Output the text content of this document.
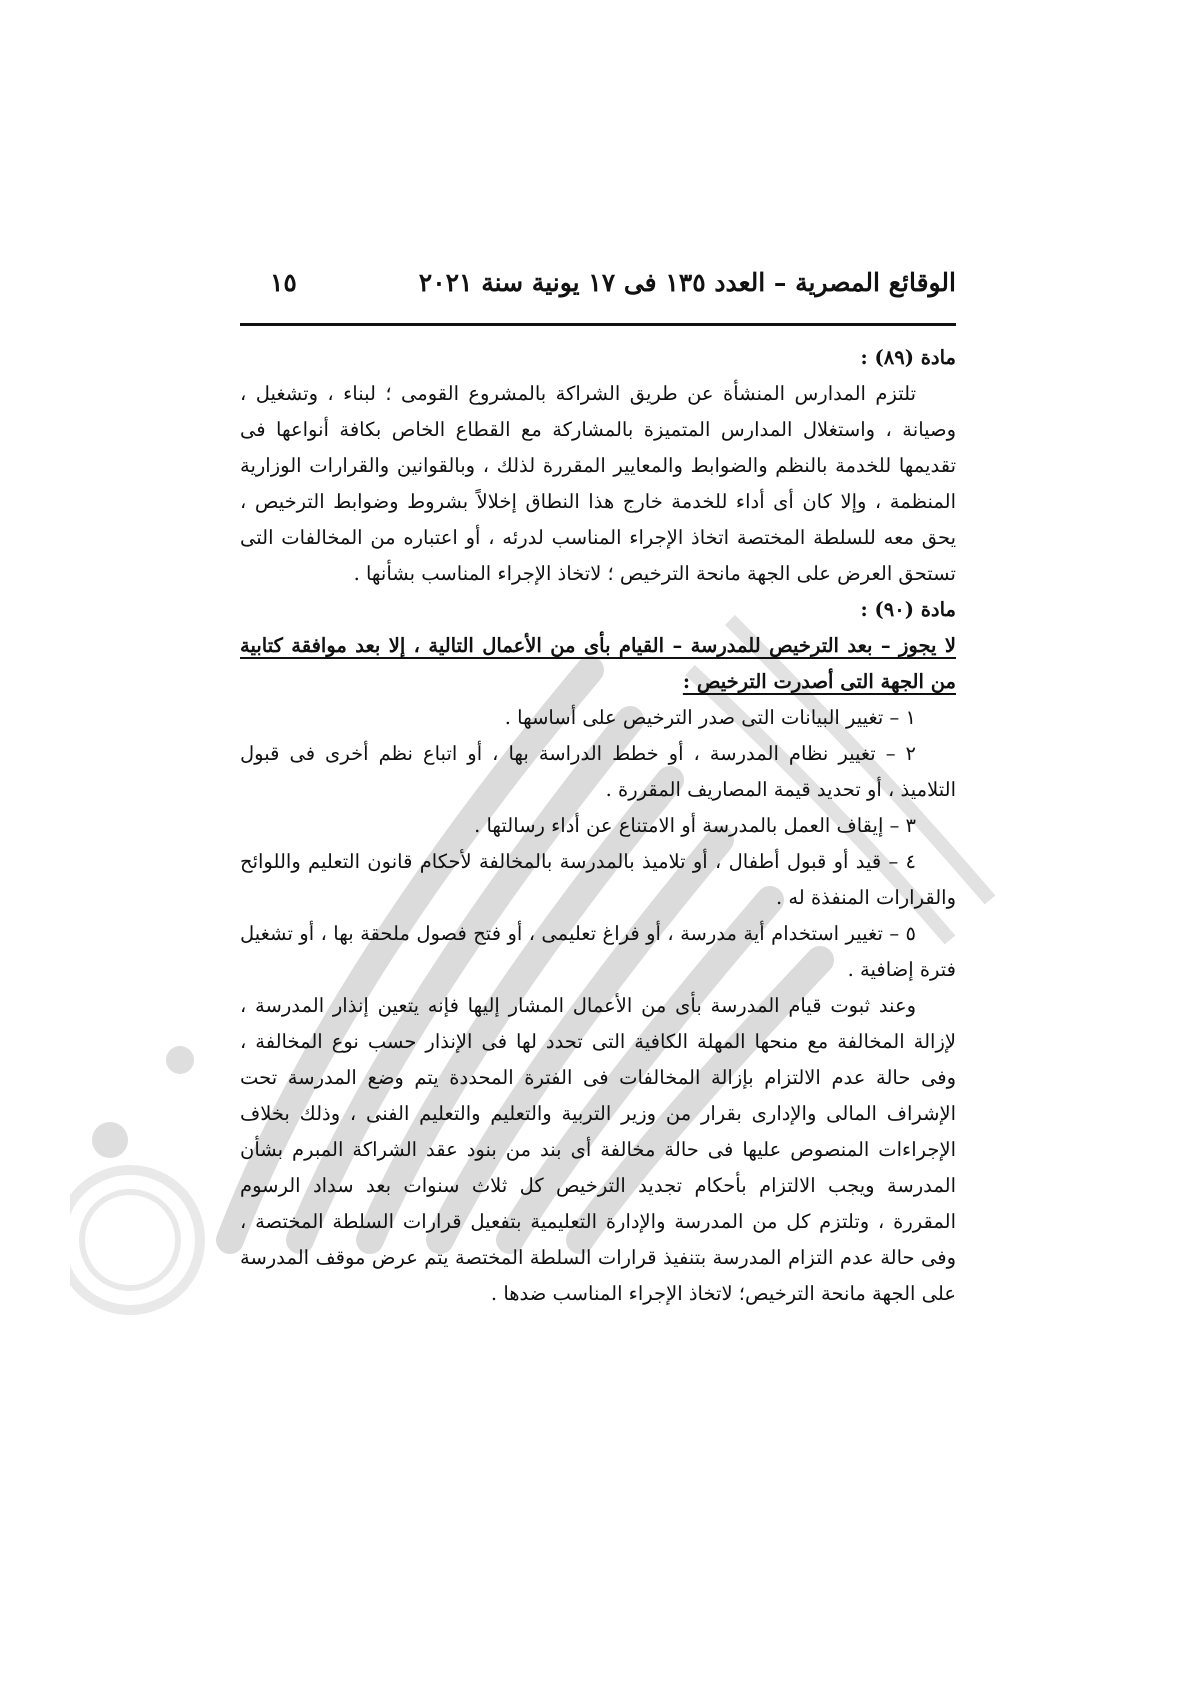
الوقائع المصرية – العدد ١٣٥ فى ١٧ يونية سنة ٢٠٢١
١٥

مادة (٨٩) :

تلتزم المدارس المنشأة عن طريق الشراكة بالمشروع القومى ؛ لبناء ، وتشغيل ، وصيانة ، واستغلال المدارس المتميزة بالمشاركة مع القطاع الخاص بكافة أنواعها فى تقديمها للخدمة بالنظم والضوابط والمعايير المقررة لذلك ، وبالقوانين والقرارات الوزارية المنظمة ، وإلا كان أى أداء للخدمة خارج هذا النطاق إخلالاً بشروط وضوابط الترخيص ، يحق معه للسلطة المختصة اتخاذ الإجراء المناسب لدرئه ، أو اعتباره من المخالفات التى تستحق العرض على الجهة مانحة الترخيص ؛ لاتخاذ الإجراء المناسب بشأنها .

مادة (٩٠) :

لا يجوز – بعد الترخيص للمدرسة – القيام بأى من الأعمال التالية ، إلا بعد موافقة كتابية من الجهة التى أصدرت الترخيص :

١ – تغيير البيانات التى صدر الترخيص على أساسها .

٢ – تغيير نظام المدرسة ، أو خطط الدراسة بها ، أو اتباع نظم أخرى فى قبول التلاميذ ، أو تحديد قيمة المصاريف المقررة .

٣ – إيقاف العمل بالمدرسة أو الامتناع عن أداء رسالتها .

٤ – قيد أو قبول أطفال ، أو تلاميذ بالمدرسة بالمخالفة لأحكام قانون التعليم واللوائح والقرارات المنفذة له .

٥ – تغيير استخدام أية مدرسة ، أو فراغ تعليمى ، أو فتح فصول ملحقة بها ، أو تشغيل فترة إضافية .

وعند ثبوت قيام المدرسة بأى من الأعمال المشار إليها فإنه يتعين إنذار المدرسة ، لإزالة المخالفة مع منحها المهلة الكافية التى تحدد لها فى الإنذار حسب نوع المخالفة ، وفى حالة عدم الالتزام بإزالة المخالفات فى الفترة المحددة يتم وضع المدرسة تحت الإشراف المالى والإدارى بقرار من وزير التربية والتعليم والتعليم الفنى ، وذلك بخلاف الإجراءات المنصوص عليها فى حالة مخالفة أى بند من بنود عقد الشراكة المبرم بشأن المدرسة ويجب الالتزام بأحكام تجديد الترخيص كل ثلاث سنوات بعد سداد الرسوم المقررة ، وتلتزم كل من المدرسة والإدارة التعليمية بتفعيل قرارات السلطة المختصة ، وفى حالة عدم التزام المدرسة بتنفيذ قرارات السلطة المختصة يتم عرض موقف المدرسة على الجهة مانحة الترخيص؛ لاتخاذ الإجراء المناسب ضدها .
